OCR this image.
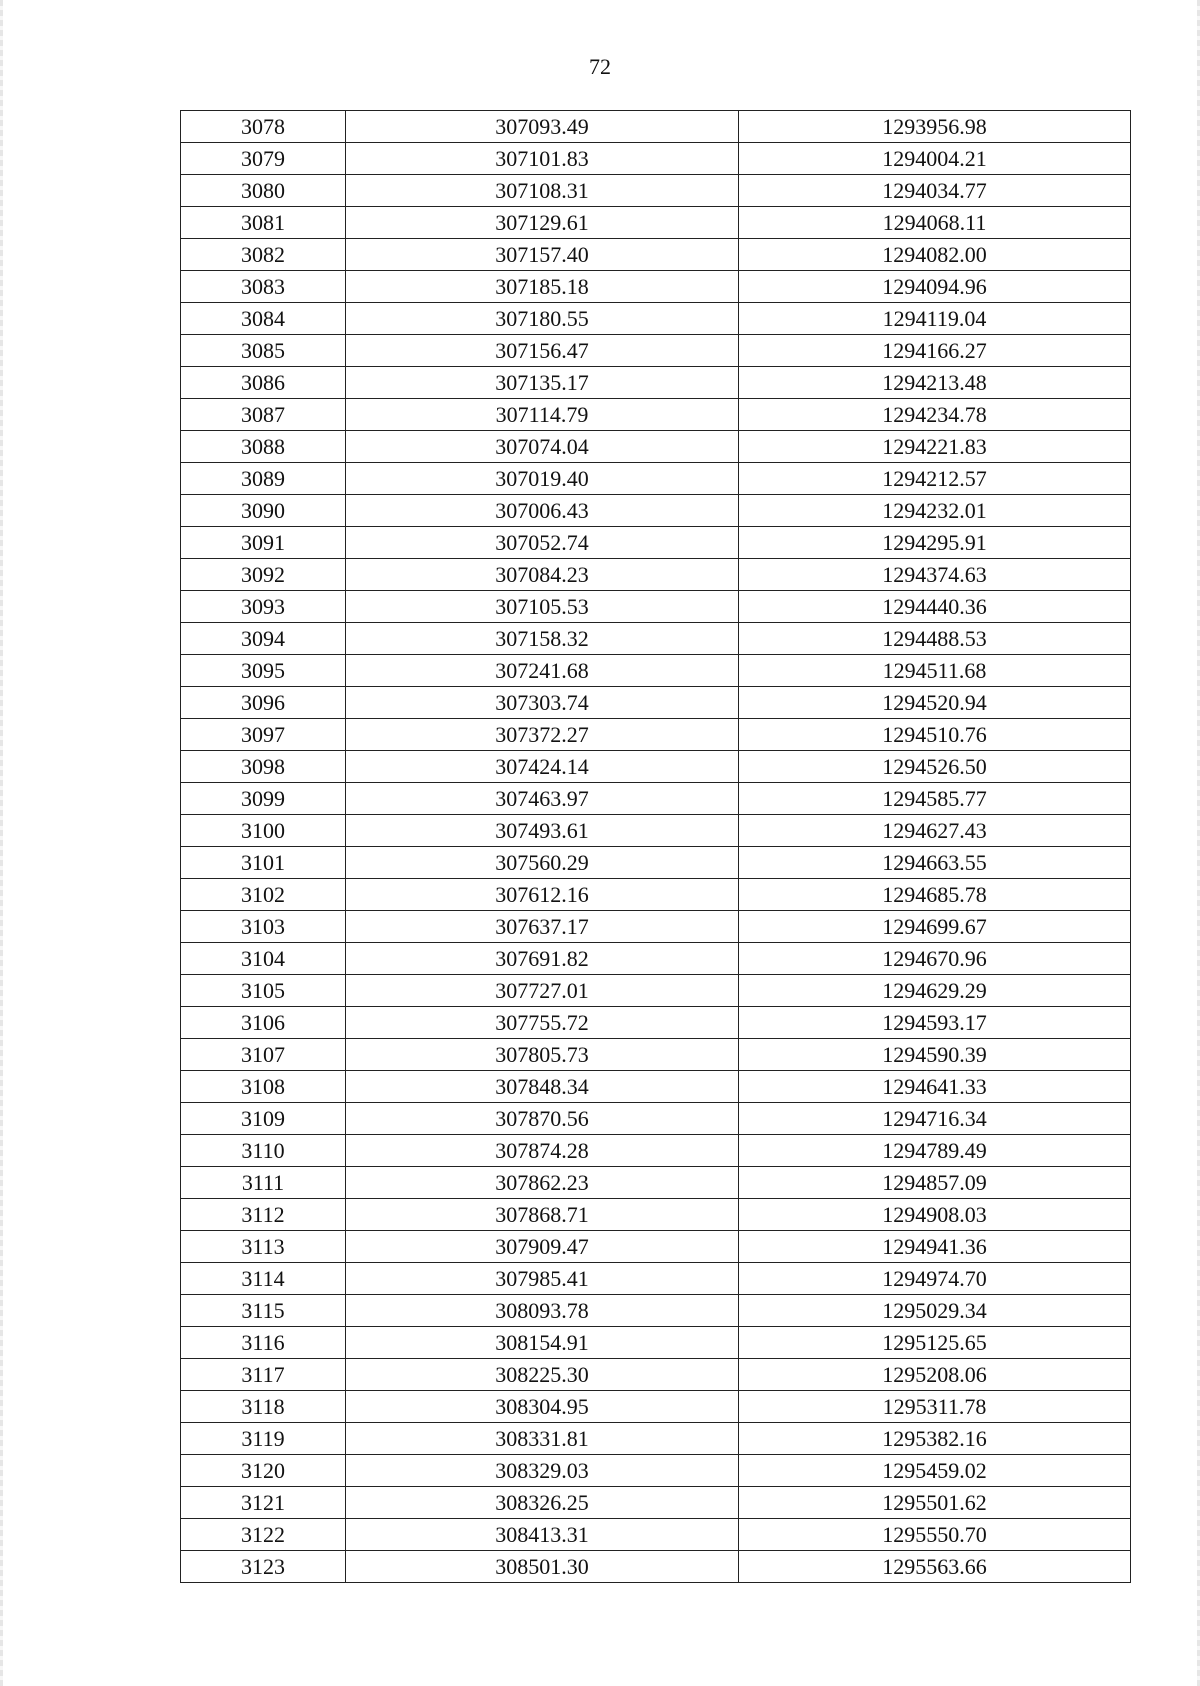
72
3078	307093.49	1293956.98
3079	307101.83	1294004.21
3080	307108.31	1294034.77
3081	307129.61	1294068.11
3082	307157.40	1294082.00
3083	307185.18	1294094.96
3084	307180.55	1294119.04
3085	307156.47	1294166.27
3086	307135.17	1294213.48
3087	307114.79	1294234.78
3088	307074.04	1294221.83
3089	307019.40	1294212.57
3090	307006.43	1294232.01
3091	307052.74	1294295.91
3092	307084.23	1294374.63
3093	307105.53	1294440.36
3094	307158.32	1294488.53
3095	307241.68	1294511.68
3096	307303.74	1294520.94
3097	307372.27	1294510.76
3098	307424.14	1294526.50
3099	307463.97	1294585.77
3100	307493.61	1294627.43
3101	307560.29	1294663.55
3102	307612.16	1294685.78
3103	307637.17	1294699.67
3104	307691.82	1294670.96
3105	307727.01	1294629.29
3106	307755.72	1294593.17
3107	307805.73	1294590.39
3108	307848.34	1294641.33
3109	307870.56	1294716.34
3110	307874.28	1294789.49
3111	307862.23	1294857.09
3112	307868.71	1294908.03
3113	307909.47	1294941.36
3114	307985.41	1294974.70
3115	308093.78	1295029.34
3116	308154.91	1295125.65
3117	308225.30	1295208.06
3118	308304.95	1295311.78
3119	308331.81	1295382.16
3120	308329.03	1295459.02
3121	308326.25	1295501.62
3122	308413.31	1295550.70
3123	308501.30	1295563.66
